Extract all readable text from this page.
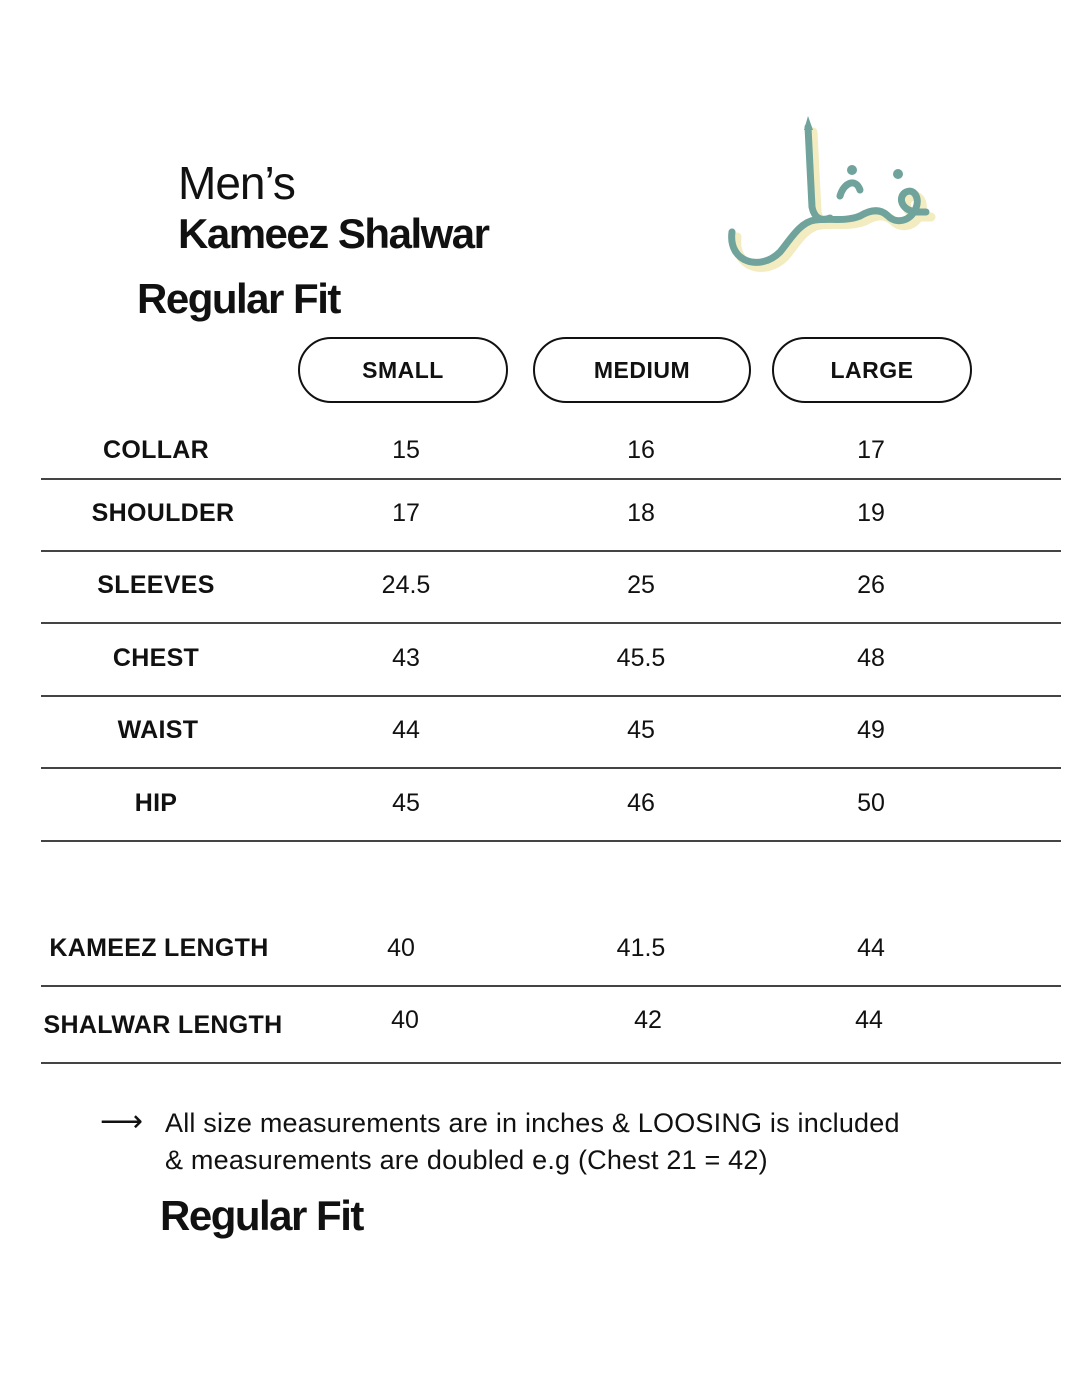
Men’s
Kameez Shalwar
Regular Fit
SMALL	MEDIUM	LARGE
COLLAR	15	16	17
SHOULDER	17	18	19
SLEEVES	24.5	25	26
CHEST	43	45.5	48
WAIST	44	45	49
HIP	45	46	50
KAMEEZ LENGTH	40	41.5	44
SHALWAR LENGTH	40	42	44
⟶ All size measurements are in inches & LOOSING is included
& measurements are doubled e.g (Chest 21 = 42)
Regular Fit
